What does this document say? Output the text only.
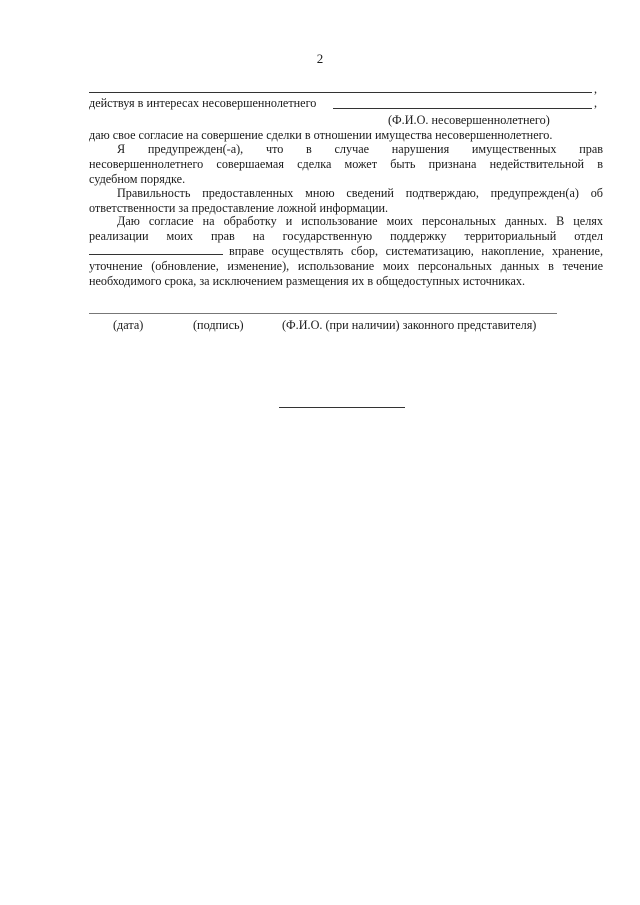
2
,
действуя в интересах несовершеннолетнего	,
(Ф.И.О. несовершеннолетнего)
даю свое согласие на совершение сделки в отношении имущества несовершеннолетнего.
Я предупрежден(-а), что в случае нарушения имущественных прав
несовершеннолетнего совершаемая сделка может быть признана недействительной в
судебном порядке.
Правильность предоставленных мною сведений подтверждаю, предупрежден(а) об
ответственности за предоставление ложной информации.
Даю согласие на обработку и использование моих персональных данных. В целях
реализации моих прав на государственную поддержку территориальный отдел
вправе осуществлять сбор, систематизацию, накопление, хранение,
уточнение (обновление, изменение), использование моих персональных данных в течение
необходимого срока, за исключением размещения их в общедоступных источниках.
(дата)	(подпись)	(Ф.И.О. (при наличии) законного представителя)
